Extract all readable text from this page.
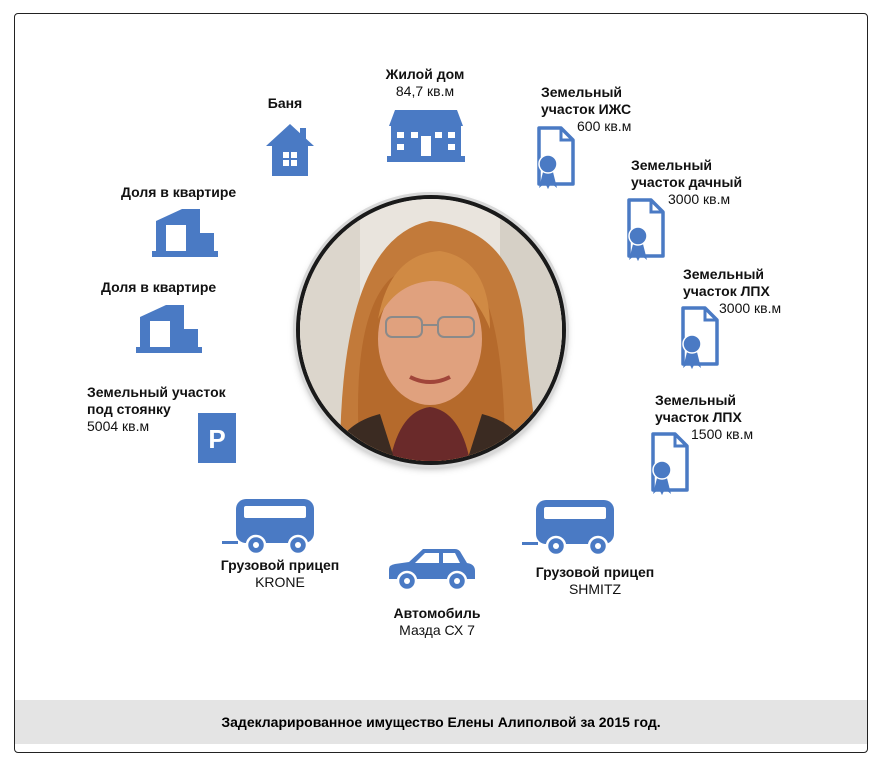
Задекларированное имущество Елены Алиполвой за 2015 год.
Жилой дом
84,7 кв.м
Баня
Доля в квартире
Доля в квартире
Земельный участок
под стоянку
5004 кв.м	P
Грузовой прицеп
KRONE
Автомобиль
Мазда СХ 7
Грузовой прицеп
SHMITZ
Земельный
участок ИЖС
600 кв.м
Земельный
участок дачный
3000 кв.м
Земельный
участок ЛПХ
3000 кв.м
Земельный
участок ЛПХ
1500 кв.м
